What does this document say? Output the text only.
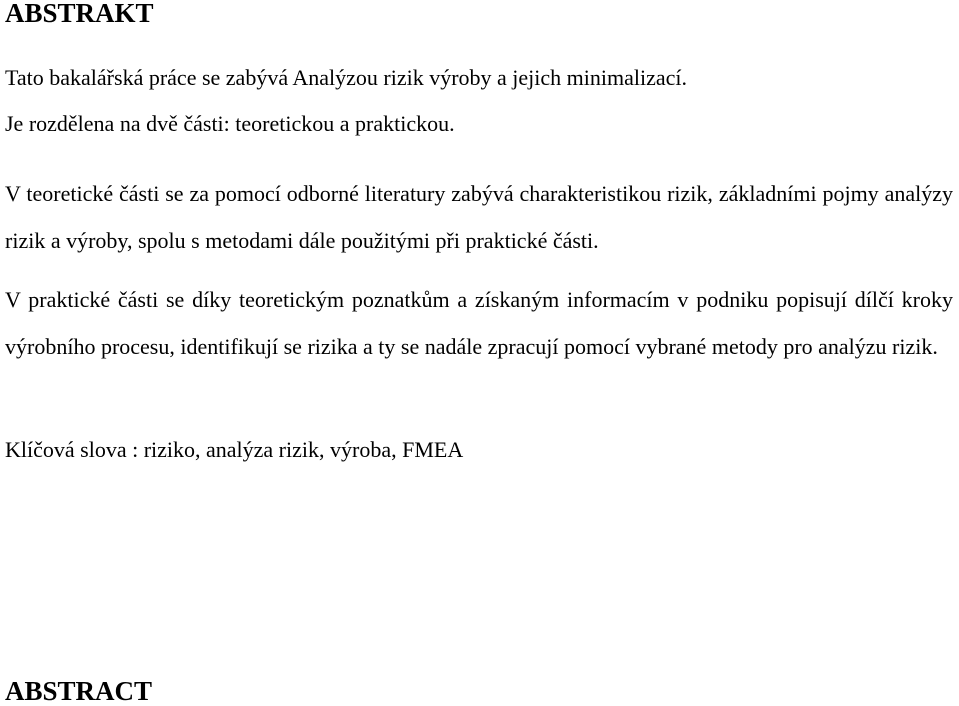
ABSTRAKT

Tato bakalářská práce se zabývá Analýzou rizik výroby a jejich minimalizací.

Je rozdělena na dvě části: teoretickou a praktickou.

V teoretické části se za pomocí odborné literatury zabývá charakteristikou rizik, základními pojmy analýzy rizik a výroby, spolu s metodami dále použitými při praktické části.

V praktické části se díky teoretickým poznatkům a získaným informacím v podniku popisují dílčí kroky výrobního procesu, identifikují se rizika a ty se nadále zpracují pomocí vybrané metody pro analýzu rizik.

Klíčová slova : riziko, analýza rizik, výroba, FMEA

ABSTRACT
